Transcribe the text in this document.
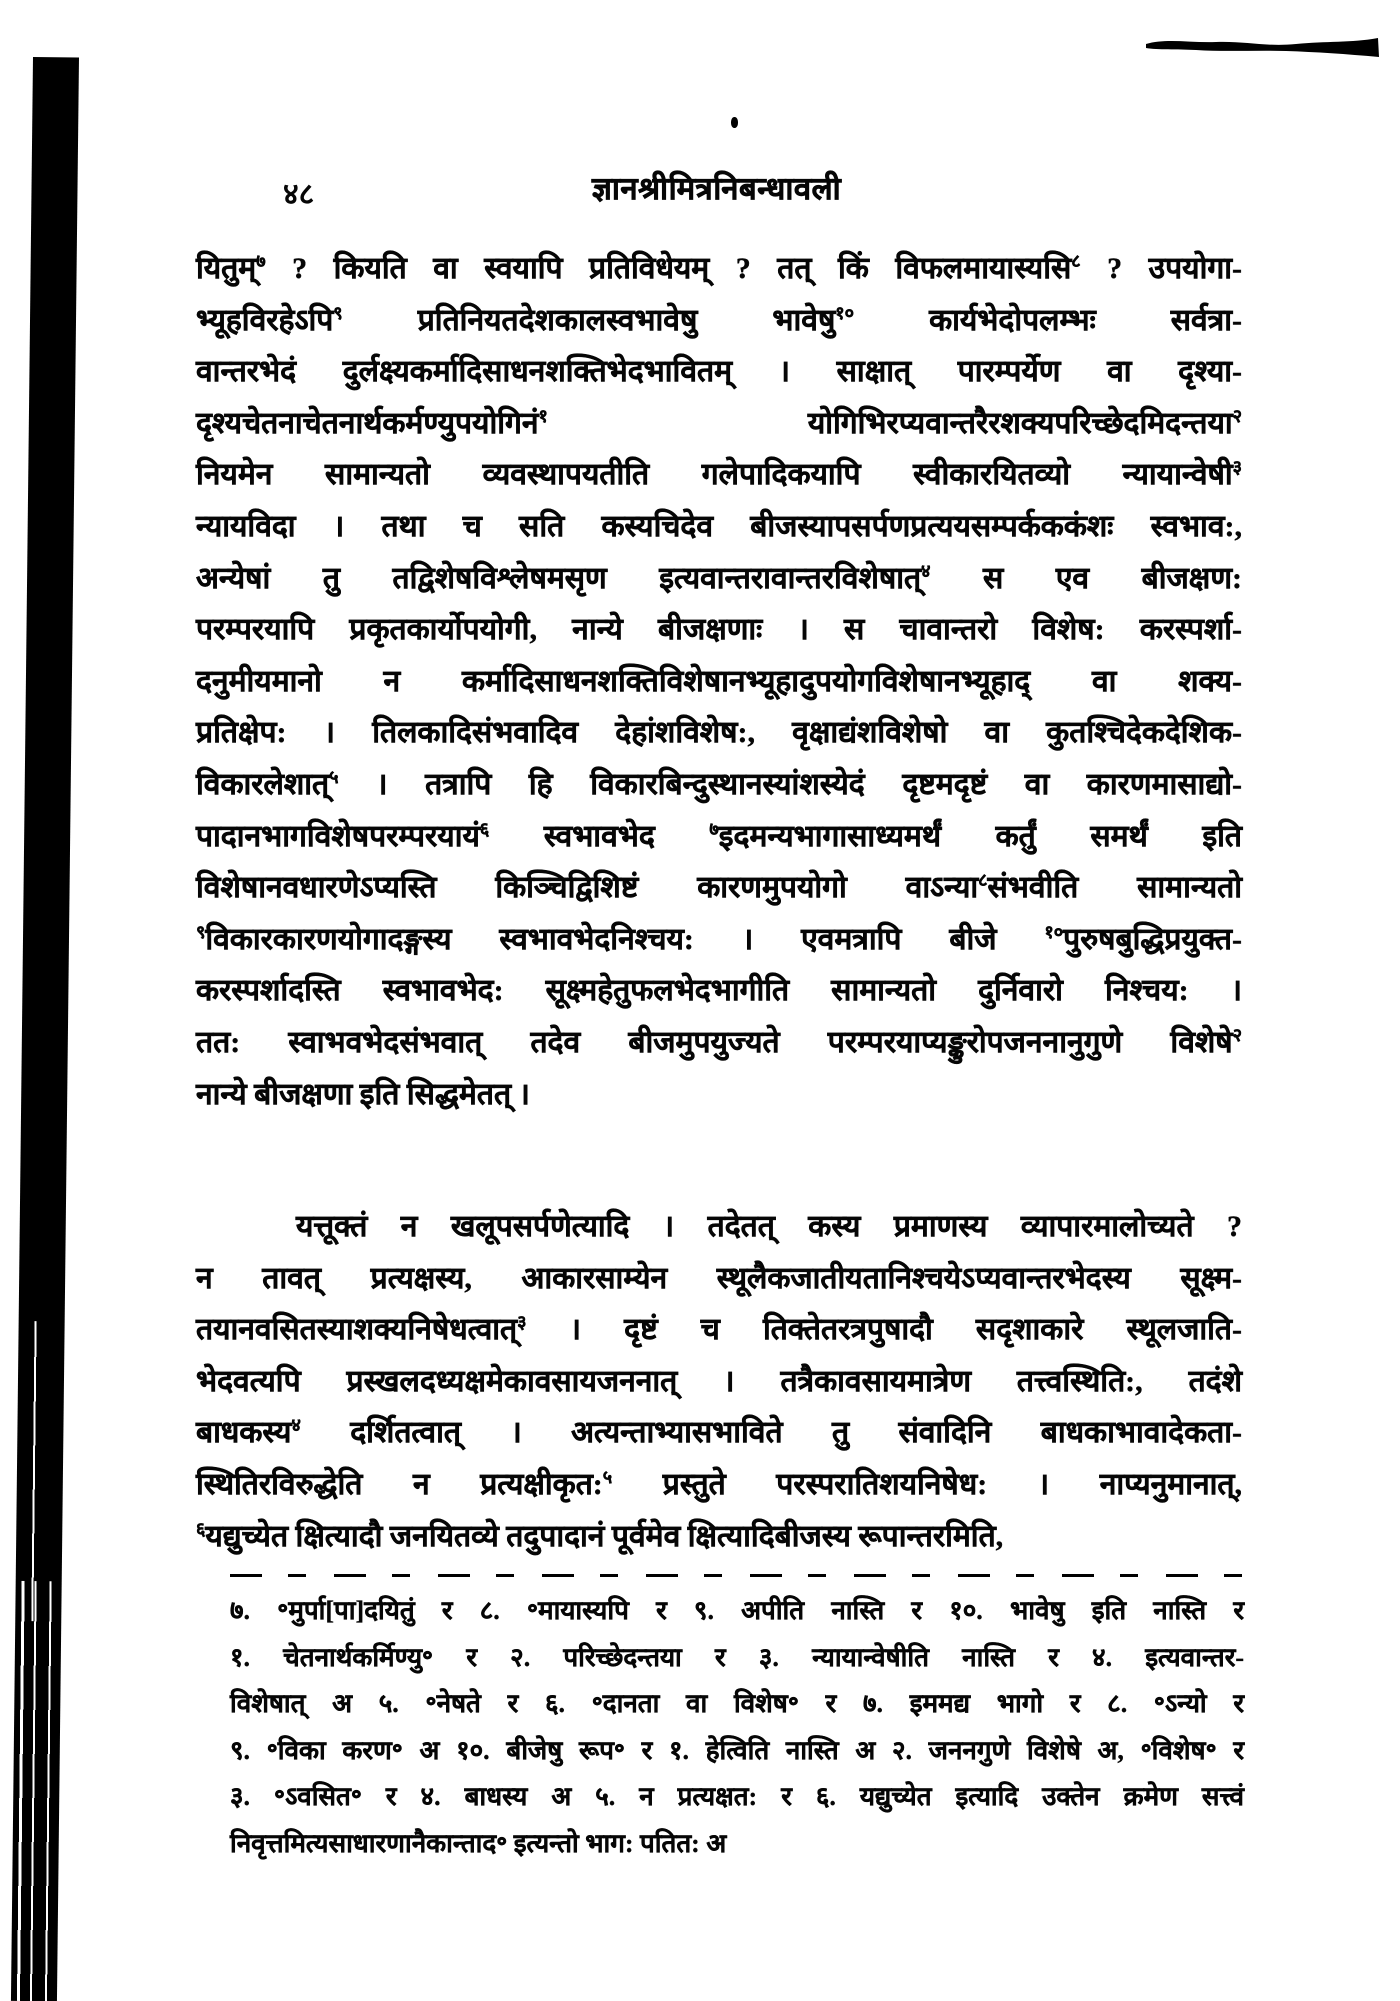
४८	ज्ञानश्रीमित्रनिबन्धावली
यितुम्$^७$ ? कियति वा स्वयापि प्रतिविधेयम् ? तत् किं विफलमायास्यसि$^८$ ? उपयोगा-
भ्यूहविरहेऽपि$^९$ प्रतिनियतदेशकालस्वभावेषु भावेषु$^{१०}$ कार्यभेदोपलम्भः सर्वत्रा-
वान्तरभेदं दुर्लक्ष्यकर्मादिसाधनशक्तिभेदभावितम् । साक्षात् पारम्पर्येण वा दृश्या-
दृश्यचेतनाचेतनार्थकर्मण्युपयोगिनं$^१$ योगिभिरप्यवान्तरैरशक्यपरिच्छेदमिदन्तया$^२$
नियमेन सामान्यतो व्यवस्थापयतीति गलेपादिकयापि स्वीकारयितव्यो न्यायान्वेषी$^३$
न्यायविदा । तथा च सति कस्यचिदेव बीजस्यापसर्पणप्रत्ययसम्पर्कककंशः स्वभाव:,
अन्येषां तु तद्विशेषविश्लेषमसृण इत्यवान्तरावान्तरविशेषात्$^४$ स एव बीजक्षण:
परम्परयापि प्रकृतकार्योपयोगी, नान्ये बीजक्षणाः । स चावान्तरो विशेष: करस्पर्शा-
दनुमीयमानो न कर्मादिसाधनशक्तिविशेषानभ्यूहादुपयोगविशेषानभ्यूहाद् वा शक्य-
प्रतिक्षेप: । तिलकादिसंभवादिव देहांशविशेष:, वृक्षाद्यंशविशेषो वा कुतश्चिदेकदेशिक-
विकारलेशात्$^५$ । तत्रापि हि विकारबिन्दुस्थानस्यांशस्येदं दृष्टमदृष्टं वा कारणमासाद्यो-
पादानभागविशेषपरम्परयायं$^६$ स्वभावभेद $^७$इदमन्यभागासाध्यमर्थं कर्तुं समर्थं इति
विशेषानवधारणेऽप्यस्ति किञ्चिद्विशिष्टं कारणमुपयोगो वाऽन्या$^८$संभवीति सामान्यतो
$^९$विकारकारणयोगादङ्गस्य स्वभावभेदनिश्चय: । एवमत्रापि बीजे $^{१०}$पुरुषबुद्धिप्रयुक्त-
करस्पर्शादस्ति स्वभावभेद: सूक्ष्महेतुफलभेदभागीति सामान्यतो दुर्निवारो निश्चय: ।
तत: स्वाभवभेदसंभवात् तदेव बीजमुपयुज्यते परम्परयाप्यङ्कुरोपजननानुगुणे विशेषे$^२$
नान्ये बीजक्षणा इति सिद्धमेतत् ।
यत्तूक्तं न खलूपसर्पणेत्यादि । तदेतत् कस्य प्रमाणस्य व्यापारमालोच्यते ?
न तावत् प्रत्यक्षस्य, आकारसाम्येन स्थूलैकजातीयतानिश्चयेऽप्यवान्तरभेदस्य सूक्ष्म-
तयानवसितस्याशक्यनिषेधत्वात्$^३$ । दृष्टं च तिक्तेतरत्रपुषादौ सदृशाकारे स्थूलजाति-
भेदवत्यपि प्रस्खलदध्यक्षमेकावसायजननात् । तत्रैकावसायमात्रेण तत्त्वस्थिति:, तदंशे
बाधकस्य$^४$ दर्शितत्वात् । अत्यन्ताभ्यासभाविते तु संवादिनि बाधकाभावादेकता-
स्थितिरविरुद्धेति न प्रत्यक्षीकृत:$^५$ प्रस्तुते परस्परातिशयनिषेध: । नाप्यनुमानात्,
$^६$यद्युच्येत क्षित्यादौ जनयितव्ये तदुपादानं पूर्वमेव क्षित्यादिबीजस्य रूपान्तरमिति,
७. ॰मुर्पा[पा]दयितुं र ८. ॰मायास्यपि र ९. अपीति नास्ति र १०. भावेषु इति नास्ति र
१. चेतनार्थकर्मिण्यु॰ र २. परिच्छेदन्तया र ३. न्यायान्वेषीति नास्ति र ४. इत्यवान्तर-
विशेषात् अ ५. ॰नेषते र ६. ॰दानता वा विशेष॰ र ७. इममद्य भागो र ८. ॰ऽन्यो र
९. ॰विका करण॰ अ १०. बीजेषु रूप॰ र १. हेत्विति नास्ति अ २. जननगुणे विशेषे अ, ॰विशेष॰ र
३. ॰ऽवसित॰ र ४. बाधस्य अ ५. न प्रत्यक्षत: र ६. यद्युच्येत इत्यादि उक्तेन क्रमेण सत्त्वं
निवृत्तमित्यसाधारणानैकान्ताद॰ इत्यन्तो भाग: पतित: अ
